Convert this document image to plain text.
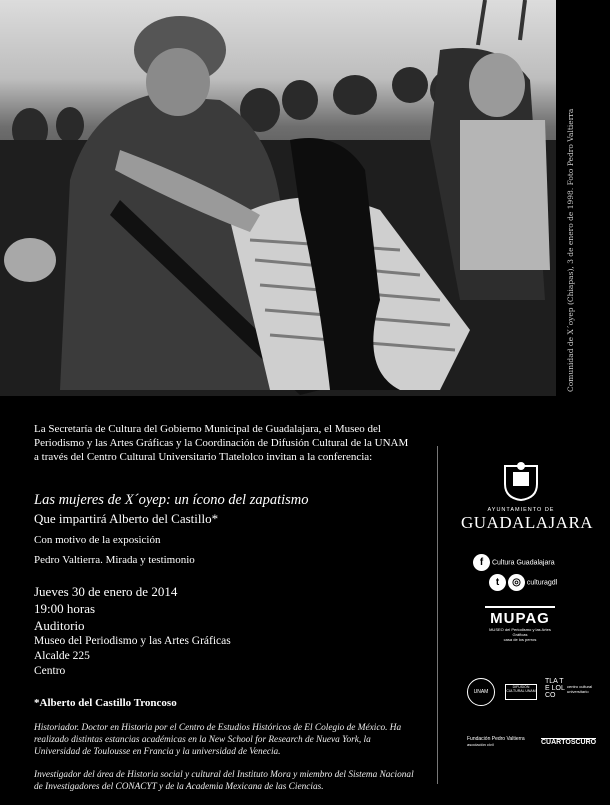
Comunidad de X´oyep (Chiapas), 3 de enero de 1998. Foto Pedro Valtierra

La Secretaría de Cultura del Gobierno Municipal de Guadalajara, el Museo del Periodismo y las Artes Gráficas y la Coordinación de Difusión Cultural de la UNAM a través del Centro Cultural Universitario Tlatelolco invitan a la conferencia:

Las mujeres de X´oyep: un ícono del zapatismo

Que impartirá Alberto del Castillo*

Con motivo de la exposición

Pedro Valtierra. Mirada y testimonio

Jueves 30 de enero de 2014
19:00 horas
Auditorio
Museo del Periodismo y las Artes Gráficas
Alcalde 225
Centro

*Alberto del Castillo Troncoso

Historiador. Doctor en Historia por el Centro de Estudios Históricos de El Colegio de México. Ha realizado distintas estancias académicas en la New School for Research de Nueva York, la Universidad de Toulousse en Francia y la universidad de Venecia.

Investigador del área de Historia social y cultural del Instituto Mora y miembro del Sistema Nacional de Investigadores del CONACYT y de la Academia Mexicana de las Ciencias.

AYUNTAMIENTO DE
GUADALAJARA
f Cultura Guadalajara
t ◎ culturagdl
MUPAG
MUSEO del Periodismo y las Artes Gráficas
casa de los perros
UNAM
DIFUSIÓN CULTURAL UNAM
TLA TE LOL CO
centro cultural universitario
Fundación Pedro Valtierra
asociación civil	CUARTOSCURO
